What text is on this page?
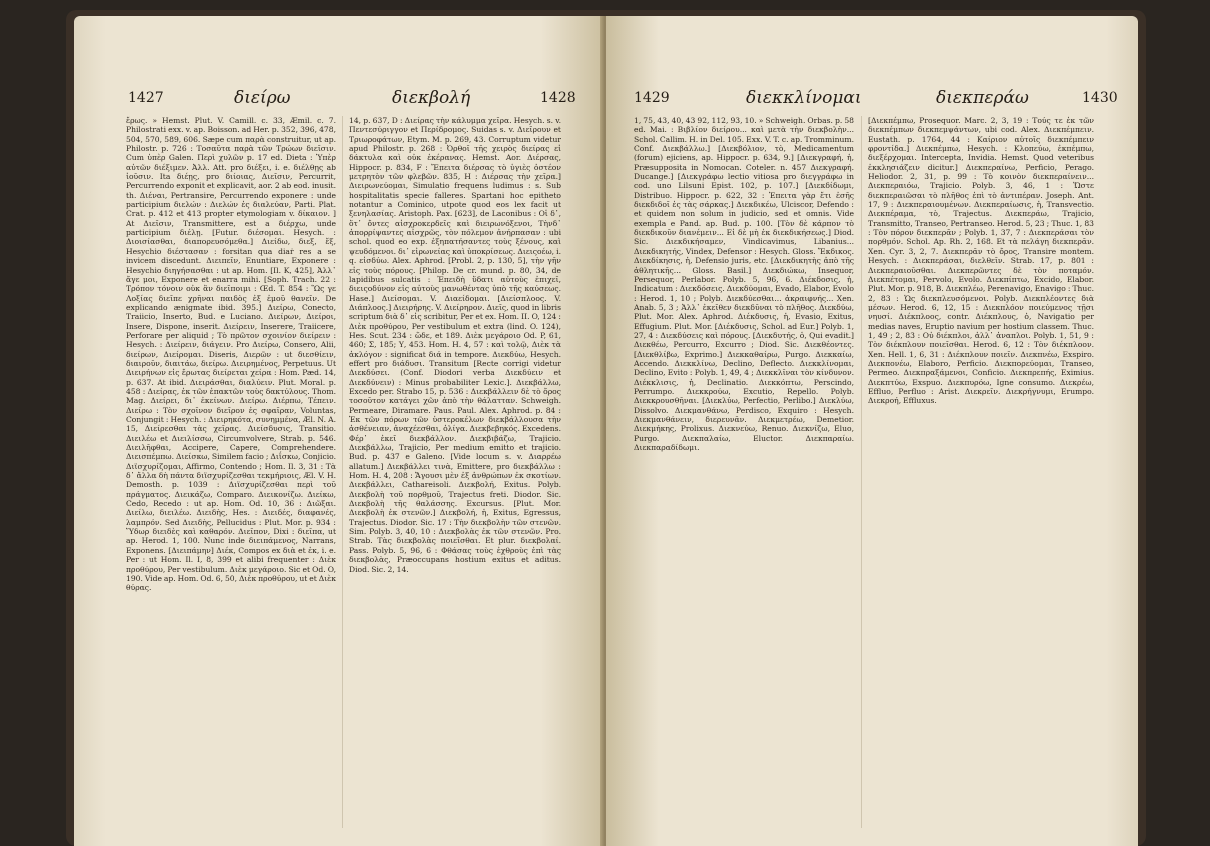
1427	διείρω	διεκβολή	1428

ἔρως. » Hemst. Plut. V. Camill. c. 33, Æmil. c. 7. Philostrati exx. v. ap. Boisson. ad Her. p. 352, 396, 478, 504, 570, 589, 606. Sæpe cum παρὰ construitur, ut ap. Philostr. p. 726 : Τοσαῦτα παρὰ τῶν Τρώων διεῖσιν. Cum ὑπὲρ Galen. Περὶ χυλῶν p. 17 ed. Dieta : Ὑπὲρ αὐτῶν διέξιμεν. Ἀλλ. Att. pro διέξει, i. e. διέλθῃς ab ἰοῦσιν. Ita διέῃς, pro διίοιας, Διεῖσιν, Percurrit, Percurrendo exponit et explicavit, aor. 2 ab eod. inusit. th. Διέναι, Pertransire, Percurrendo exponere : unde participium διελών : Διελών ἐς διαλεύαν, Parti. Plat. Crat. p. 412 et 413 propter etymologiam v. δίκαιον. ] At Διεῖσιν, Transmittere, est a διέρχω, unde participium διέλῃ. [Futur. διέσομαι. Hesych. : Διοισίασθαι, διαπορευσόμεθα.] Διείδω, διεξ, ἔξ, Hesychio διέστασαν : forsitan qua diaṙ res a se invicem discedunt. Διειπεῖν, Enuntiare, Exponere : Hesychio διηγήσασθαι : ut ap. Hom. [Il. K, 425], Ἀλλ᾽ ἄγε μοι, Exponere et enarra mihi. [Soph. Trach. 22 : Τρόπον τόνοιν οὐκ ἂν διεῖποιμι : Œd. T. 854 : Ὣς γε Λοξίας διεῖπε χρῆναι παιδὸς ἐξ ἐμοῦ θανεῖν. De explicando ænigmate ibid. 395.] Διείρω, Conecto, Traiicio, Inserto, Bud. e Luciano. Διείρων, Διείροι, Insere, Dispone, inserit. Διείρειν, Inserere, Traiicere, Perforare per aliquid ; Τὸ πρῶτον σχοινίον διείρειν : Hesych. : Διείρειν, διάγειν. Pro Διείρω, Consero, Alii, διείρων, Διείρομαι. Diseris, Διερῶν : ut διεσθίειν, διαιροῦν, διαιτάω, διείρω. Διειρημένος, Perpetuus. Ut Διειρήνων εἰς ἔρωτας διείρεται χείρα : Hom. Pæd. 14, p. 637. At ibid. Διειράσθαι, διαλύειν. Plut. Moral. p. 458 : Διείρας, ἐκ τῶν ἐπακτῶν τοὺς δακτύλους. Thom. Mag. Διείρει, δι᾽ ἐκείνων. Διείρω. Διέρπω, Τέπειν. Διείρω : Τὸν σχοῖνον διεῖρον ἐς σφαῖραν, Voluntas, Conjungit : Hesych. : Διειρηκότα, συνημμένα, Æl. N. A. 15, Διείρεσθαι τὰς χεῖρας. Διείσδυσις, Transitio. Διειλέω et Διειλίσσω, Circumvolvere, Strab. p. 546. Διειλῆφθαι, Accipere, Capere, Comprehendere. Διεισπέμπω. Διείσκω, Similem facio ; Διΐσκω, Conjicio. Διϊσχυρίζομαι, Affirmo, Contendo ; Hom. Il. 3, 31 : Τὰ δ᾽ ἄλλα δὴ πάντα διϊσχυρίζεσθαι τεκμήριοις, Æl. V. H. Demosth. p. 1039 : Διϊσχυρίζεσθαι περὶ τοῦ πράγματος. Διεικάζω, Comparo. Διεικονίζω. Διείκω, Cedo, Recedo : ut ap. Hom. Od. 10, 36 : Διῶξαι. Διείλω, διειλέω. Διειδὴς, Hes. : Διειδές, διαφανές, λαμπρόν. Sed Διειδὴς, Pellucidus : Plut. Mor. p. 934 : Ὕδωρ διειδὲς καὶ καθαρόν. Διεῖπον, Dixi : διεῖπα, ut ap. Herod. 1, 100. Nunc inde διειπάμενος, Narrans, Exponens. [Διειπάμην] Διέκ, Compos ex διὰ et ἐκ, i. e. Per : ut Hom. Il. I, 8, 399 et alibi frequenter : Διὲκ προθύρου, Per vestibulum. Διὲκ μεγάροιο. Sic et Od. O, 190. Vide ap. Hom. Od. 6, 50, Διὲκ προθύρου, ut et Διὲκ θύρας.

14, p. 637, D : Διείρας τὴν κάλυμμα χεῖρα. Hesych. s. v. Πεντεσύριγγον et Περίδρομος. Suidas s. v. Διεῖρουν et Τριωροφάτων, Etym. M. p. 269, 43. Corruptum videtur apud Philostr. p. 268 : Ὀρθοῖ τῆς χειρὸς διείρας εἰ δάκτυλα καὶ οὐκ ἐκέρανας. Hemst. Aor. Διέρσας, Hippocr. p. 834, F : Ἔπειτα διέρσας τὸ ὑγιὲς ὀστέον μετρητὸν τῶν φλεβῶν. 835, H : Διέρσας τὴν χεῖρα.] Διειρωνεύομαι, Simulatio frequens ludimus : s. Sub hospitalitatis specie falleres. Spartani hoc epitheto notantur a Cominico, utpote quod eos lex facit ut ξενηλασίας. Aristoph. Pax. [623], de Laconibus : Οἱ δ᾽, ὅτ᾽ ὄντες αἰσχροκερδεῖς καὶ διειρωνόξενοι, Τὴνδ᾽ ἀπορρίψαντες αἰσχρῶς, τὸν πόλεμον ἀνήρπασαν : ubi schol. quod eo exp. ἐξηπατήσαντες τοὺς ξένους, καὶ ψευδόμενοι. δι᾽ εἰρωνείας καὶ ὑποκρίσεως. Διειςοέω, i. q. εἰσδύω. Alex. Aphrod. [Probl. 2, p. 130, 5], τὴν γῆν εἰς τοὺς πόρους. [Philop. De cr. mund. p. 80, 34, de lapidibus sulcatis : Ἐπειδὴ ὕδατι αὐτοὺς ἐπιχεῖ, διειςοδύνον εἰς αὐτοὺς μανωθέντας ὑπὸ τῆς καύσεως. Hase.] Διείσομαι. V. Διαείδομαι. [Διείσπλοος. V. Διάπλοος.] Διειρήρης. V. Διείρηρον. Διεῖς, quod in libris scriptum διὰ δ᾽ εἰς scribitur, Per et ex. Hom. II. O, 124 : Διὲκ προθύρου, Per vestibulum et extra (lind. O. 124), Hes. Scut. 234 : ὥδε, et 189. Διὲκ μεγάροιο Od. P, 61, 460; Σ, 185; Υ, 453. Hom. H. 4, 57 : καὶ τολῷ, Διὲκ τὰ ἀκλόγον : significat διά in tempore. Διεκδύω, Hesych. effert pro διάδυσι. Transitum [Recte corrigi videtur Διεκδύσει. (Conf. Diodori verba Διεκδύειν et Διεκδύνειν) : Minus probabiliter Lexic.]. Διεκβάλλω, Excedo per. Strabo 15, p. 536 : Διεκβάλλειν δὲ τὸ ὄρος τοσοῦτον κατάγει χῶν ἀπὸ τὴν θάλατταν. Schweigh. Permeare, Diramare. Paus. Paul. Alex. Aphrod. p. 84 : Ἐκ τῶν πόρων τῶν ὑστεροκέλων διεκβάλλουσα τὴν ἀσθένειαν, ἀναχέεσθαι, ὀλίγα. Διεκβεβηκός. Excedens. Φέρ᾽ ἐκεῖ διεκβάλλον. Διεκβιβάζω, Trajicio. Διεκβάλλω, Trajicio, Per medium emitto et trajicio. Bud. p. 437 e Galeno. [Vide locum s. v. Διαρρέω allatum.] Διεκβάλλει τινὰ, Emittere, pro διεκβάλλω : Hom. H. 4, 208 : Ἄγουσι μὲν ἐξ ἀνθρώπων ἐκ σκοτίων. Διεκβάλλει, Cathareisoli. Διεκβολή, Exitus. Polyb. Διεκβολὴ τοῦ πορθμοῦ, Trajectus freti. Diodor. Sic. Διεκβολὴ τῆς θαλάσσης. Excursus. [Plut. Mor. Διεκβολὴ ἐκ στενῶν.] Διεκβολή, ἡ, Exitus, Egressus, Trajectus. Diodor. Sic. 17 : Τὴν διεκβολὴν τῶν στενῶν. Sim. Polyb. 3, 40, 10 : Διεκβολὰς ἐκ τῶν στενῶν. Pro. Strab. Τὰς διεκβολὰς ποιεῖσθαι. Et plur. διεκβολαί. Pass. Polyb. 5, 96, 6 : Φθάσας τοὺς ἐχθροὺς ἐπὶ τὰς διεκβολὰς, Præoccupans hostium exitus et aditus. Diod. Sic. 2, 14.

1429	διεκκλίνομαι	διεκπεράω	1430

1, 75, 43, 40, 43 92, 112, 93, 10. » Schweigh. Orbas. p. 58 ed. Mai. : Βιβλίον διείρου... καὶ μετὰ τὴν διεκβολὴν... Schol. Callim. H. in Del. 105. Exx. V. T. c. ap. Tromminum. Conf. Διεκβάλλω.] [Διεκβόλιον, τὸ, Medicamentum (forum) ejiciens, ap. Hippocr. p. 634, 9.] [Διεκγραφή, ἡ, Præsupposita in Nomocan. Coteler. n. 457 Διεκγραφή. Ducange.] [Διεκγράφω lectio vitiosa pro διεγγράφω in cod. uno Lilsuni Epist. 102, p. 107.] [Διεκδίδωμι, Distribuo. Hippocr. p. 622, 32 : Ἐπειτα γὰρ ἔτι ἐσῆς διεκδιδοῖ ἐς τὰς σάρκας.] Διεκδικέω, Ulciscor, Defendo : et quidem non solum in judicio, sed et omnis. Vide exempla e Pand. ap. Bud. p. 100. [Τὸν δὲ κάρπον τὸ διεκδικοῦν διανέμειν... Εἰ δὲ μὴ ἐκ διεκδικήσεως.] Diod. Sic. Διεκδικήσαμεν, Vindicavimus, Libanius... Διεκδικητής, Vindex, Defensor : Hesych. Gloss. Ἔκδικος. Διεκδίκησις, ἡ, Defensio juris, etc. [Διεκδικητὴς ἀπὸ τῆς ἀθλητικῆς... Gloss. Basil.] Διεκδιώκω, Insequor, Persequor, Perlabor. Polyb. 5, 96, 6. Διέκδοσις, ἡ, Indicatum : Διεκδόσεις. Διεκδύομαι, Evado, Elabor, Evolo : Herod. 1, 10 ; Polyb. Διεκδύεσθαι... ἀκραιφνής... Xen. Anab. 5, 3 ; Ἀλλ᾽ ἐκεῖθεν διεκδῦναι τὸ πλῆθος. Διεκδύω, Plut. Mor. Alex. Aphrod. Διέκδυσις, ἡ, Evasio, Exitus, Effugium. Plut. Mor. [Διέκδυσις, Schol. ad Eur.] Polyb. 1, 27, 4 : Διεκδύσεις καὶ πόρους. [Διεκδυτής, ὁ, Qui evadit.] Διεκθέω, Percurro, Excurro ; Diod. Sic. Διεκθέοντες. [Διεκθλίβω, Exprimo.] Διεκκαθαίρω, Purgo. Διεκκαίω, Accendo. Διεκκλίνω, Declino, Deflecto. Διεκκλίνομαι, Declino, Evito : Polyb. 1, 49, 4 ; Διεκκλῖναι τὸν κίνδυνον. Διέκκλισις, ἡ, Declinatio. Διεκκόπτω, Perscindo, Perrumpo. Διεκκρούω, Excutio, Repello. Polyb. Διεκκρουσθῆναι. [Διεκλύω, Perfectio, Perlibo.] Διεκλύω, Dissolvo. Διεκμανθάνω, Perdisco, Exquiro : Hesych. Διεκμανθάνειν, διερευνᾶν. Διεκμετρέω, Demetior. Διεκμήκης, Prolixus. Διεκνεύω, Renuo. Διεκνίζω, Eluo, Purgo. Διεκπαλαίω, Eluctor. Διεκπαραίω. Διεκπαραδίδωμι.

[Διεκπέμπω, Prosequor. Marc. 2, 3, 19 : Τούς τε ἐκ τῶν διεκπέμπων διεκπεμψάντων, ubi cod. Alex. Διεκπέμπειν. Eustath. p. 1764, 44 : Καίριον αὐτοῖς διεκπέμπειν φροντίδα.] Διεκπέμπω, Hesych. : Κλοπεύω, ἐκπέμπω, διεξέρχομαι. Intercepta, Invidia. Hemst. Quod veteribus ἐκκλησιάζειν dicitur.] Διεκπεραίνω, Perficio, Perago. Heliodor. 2, 31, p. 99 : Τὸ κοινὸν διεκπεραίνειν... Διεκπεραιόω, Trajicio. Polyb. 3, 46, 1 : Ὥστε διεκπεραιῶσαι τὸ πλῆθος ἐπὶ τὸ ἀντιπέραν. Joseph. Ant. 17, 9 : Διεκπεραιουμένων. Διεκπεραίωσις, ἡ, Transvectio. Διεκπέραμα, τὸ, Trajectus. Διεκπεράω, Trajicio, Transmitto, Transeo, Pertranseo. Herod. 5, 23 ; Thuc. 1, 83 : Τὸν πόρον διεκπερᾶν ; Polyb. 1, 37, 7 : Διεκπεράσαι τὸν πορθμόν. Schol. Ap. Rh. 2, 168. Et τὰ πελάγη διεκπερᾶν. Xen. Cyr. 3, 2, 7. Διεκπερᾶν τὸ ὄρος, Transire montem. Hesych. : Διεκπεράσαι, διελθεῖν. Strab. 17, p. 801 : Διεκπεραιοῦσθαι. Διεκπερῶντες δὲ τὸν ποταμόν. Διεκπέτομαι, Pervolo, Evolo. Διεκπίπτω, Excido, Elabor. Plut. Mor. p. 918, B. Διεκπλέω, Perenavigo, Enavigo : Thuc. 2, 83 : Ὡς διεκπλευσόμενοι. Polyb. Διεκπλέοντες διὰ μέσων. Herod. 6, 12, 15 : Διεκπλόον ποιεύμενος τῇσι νηυσί. Διέκπλοος, contr. Διέκπλους, ὁ, Navigatio per medias naves, Eruptio navium per hostium classem. Thuc. 1, 49 ; 2, 83 : Οὐ διέκπλοι, ἀλλ᾽ ἀναπλοι. Polyb. 1, 51, 9 : Τὸν διέκπλουν ποιεῖσθαι. Herod. 6, 12 : Τὸν διέκπλοον. Xen. Hell. 1, 6, 31 : Διέκπλουν ποιεῖν. Διεκπνέω, Exspiro. Διεκπονέω, Elaboro, Perficio. Διεκπορεύομαι, Transeo, Permeo. Διεκπραξάμενοι, Conficio. Διεκπρεπής, Eximius. Διεκπτύω, Exspuo. Διεκπυρόω, Igne consumo. Διεκρέω, Effluo, Perfluo : Arist. Διεκρεῖν. Διεκρήγνυμι, Erumpo. Διεκροή, Effluxus.
